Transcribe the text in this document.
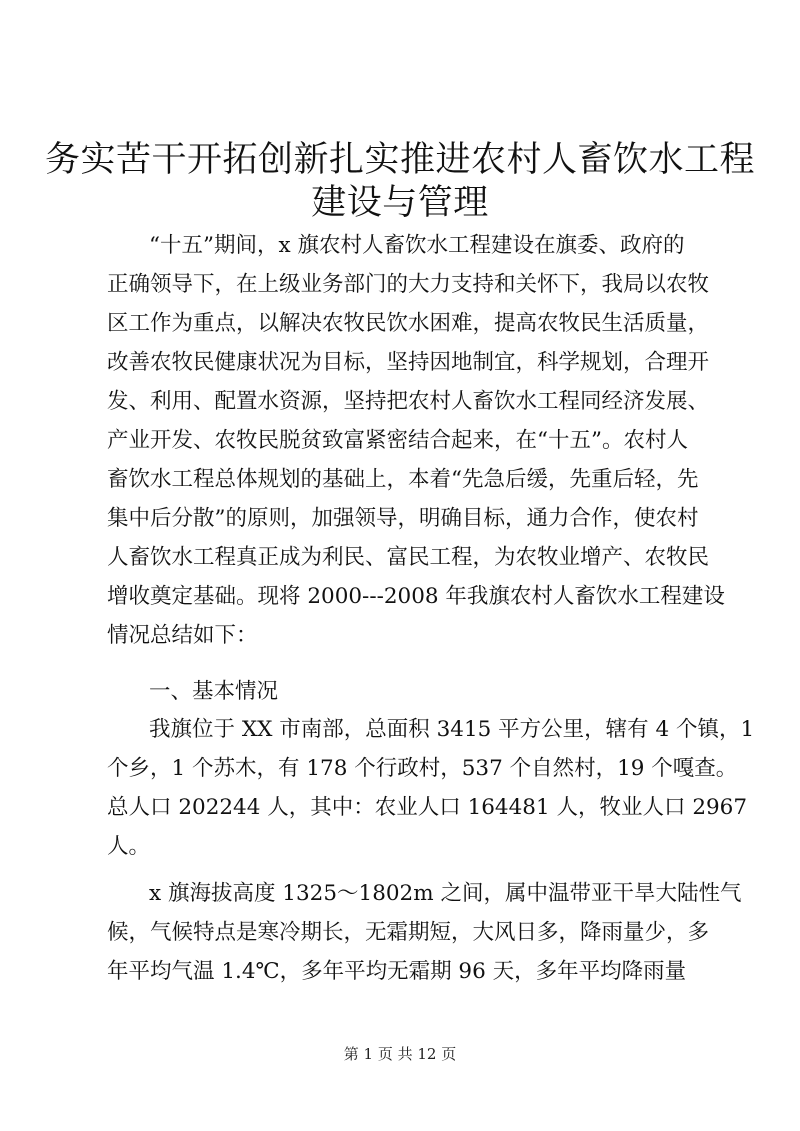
务实苦干开拓创新扎实推进农村人畜饮水工程
建设与管理
“十五”期间，x 旗农村人畜饮水工程建设在旗委、政府的
正确领导下，在上级业务部门的大力支持和关怀下，我局以农牧
区工作为重点，以解决农牧民饮水困难，提高农牧民生活质量，
改善农牧民健康状况为目标，坚持因地制宜，科学规划，合理开
发、利用、配置水资源，坚持把农村人畜饮水工程同经济发展、
产业开发、农牧民脱贫致富紧密结合起来，在“十五”。农村人
畜饮水工程总体规划的基础上，本着“先急后缓，先重后轻，先
集中后分散”的原则，加强领导，明确目标，通力合作，使农村
人畜饮水工程真正成为利民、富民工程，为农牧业增产、农牧民
增收奠定基础。现将 2000---2008 年我旗农村人畜饮水工程建设
情况总结如下：
一、基本情况
我旗位于 XX 市南部，总面积 3415 平方公里，辖有 4 个镇，1
个乡，1 个苏木，有 178 个行政村，537 个自然村，19 个嘎查。
总人口 202244 人，其中：农业人口 164481 人，牧业人口 2967
人。
x 旗海拔高度 1325～1802m 之间，属中温带亚干旱大陆性气
候，气候特点是寒冷期长，无霜期短，大风日多，降雨量少，多
年平均气温 1.4℃，多年平均无霜期 96 天，多年平均降雨量
第 1 页 共 12 页
